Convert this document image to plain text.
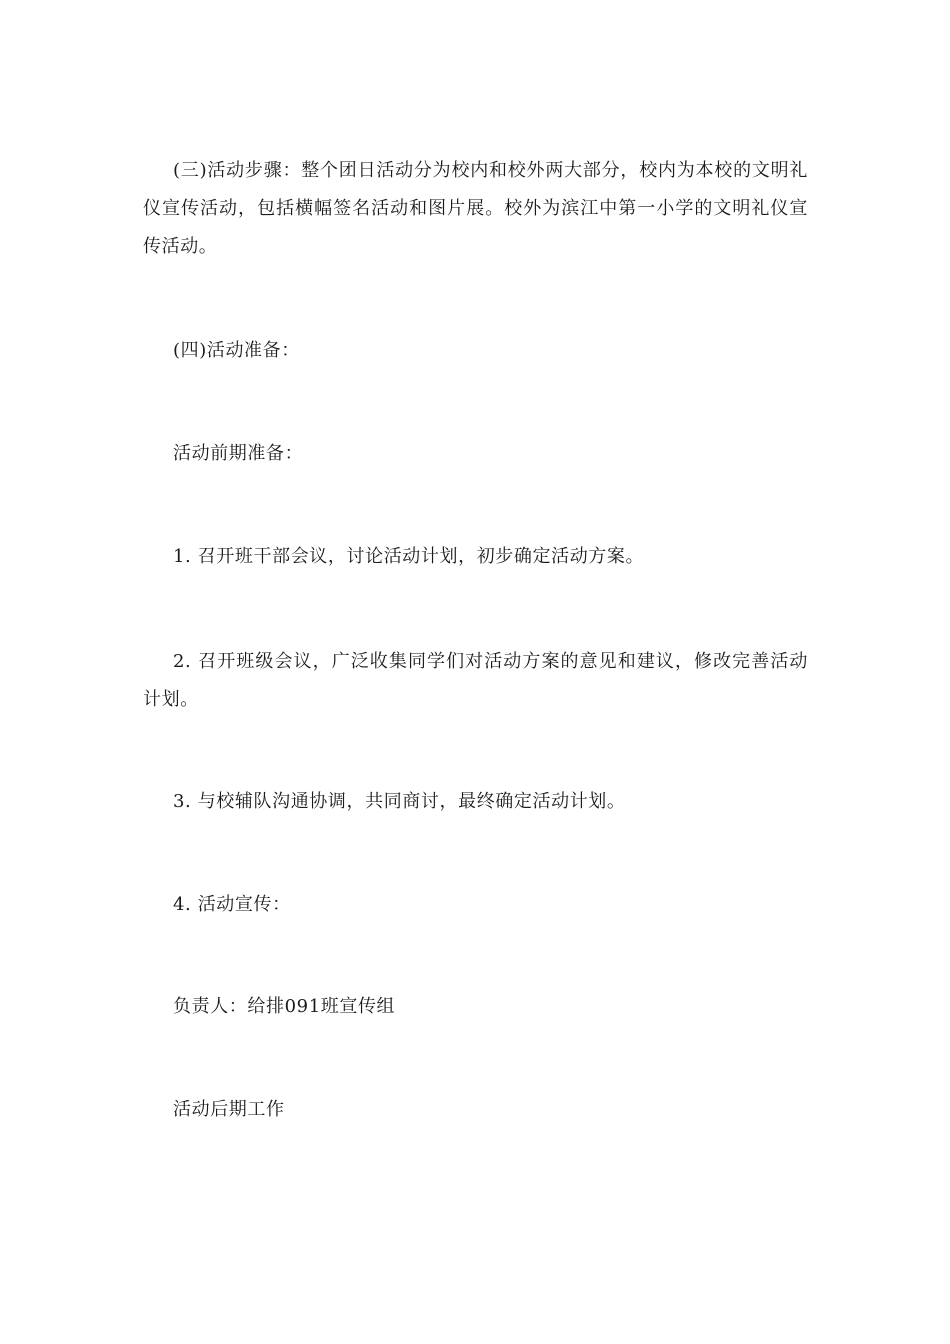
(三)活动步骤：整个团日活动分为校内和校外两大部分，校内为本校的文明礼仪宣传活动，包括横幅签名活动和图片展。校外为滨江中第一小学的文明礼仪宣传活动。

(四)活动准备：

活动前期准备：

1. 召开班干部会议，讨论活动计划，初步确定活动方案。

2. 召开班级会议，广泛收集同学们对活动方案的意见和建议，修改完善活动计划。

3. 与校辅队沟通协调，共同商讨，最终确定活动计划。

4. 活动宣传：

负责人：给排091班宣传组

活动后期工作
